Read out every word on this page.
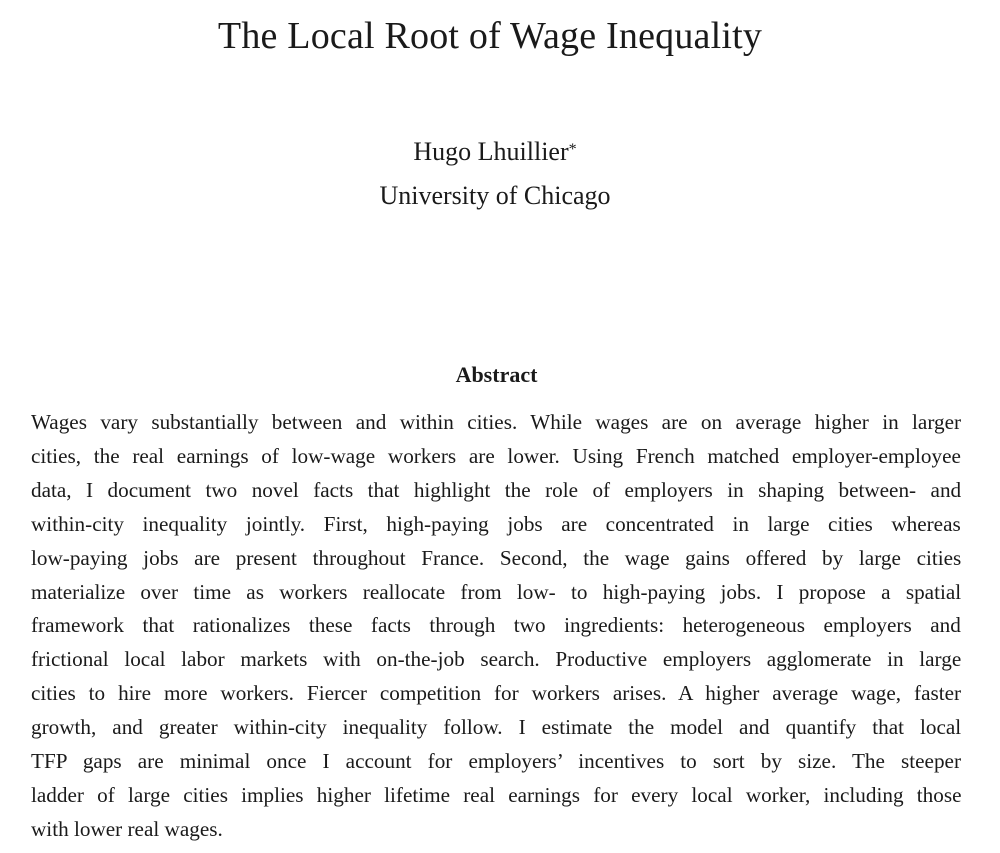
The Local Root of Wage Inequality
Hugo Lhuillier*
University of Chicago
Abstract
Wages vary substantially between and within cities. While wages are on average higher in larger
cities, the real earnings of low-wage workers are lower. Using French matched employer-employee
data, I document two novel facts that highlight the role of employers in shaping between- and
within-city inequality jointly. First, high-paying jobs are concentrated in large cities whereas
low-paying jobs are present throughout France. Second, the wage gains offered by large cities
materialize over time as workers reallocate from low- to high-paying jobs. I propose a spatial
framework that rationalizes these facts through two ingredients: heterogeneous employers and
frictional local labor markets with on-the-job search. Productive employers agglomerate in large
cities to hire more workers. Fiercer competition for workers arises. A higher average wage, faster
growth, and greater within-city inequality follow. I estimate the model and quantify that local
TFP gaps are minimal once I account for employers’ incentives to sort by size. The steeper
ladder of large cities implies higher lifetime real earnings for every local worker, including those
with lower real wages.
